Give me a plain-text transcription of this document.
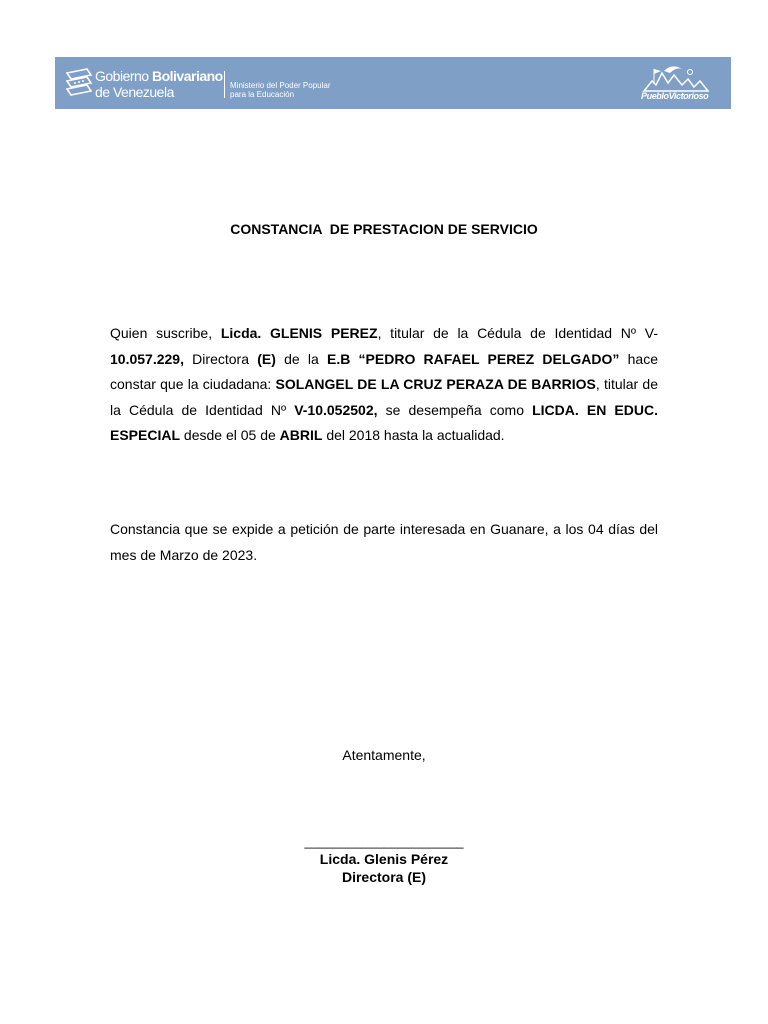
Gobierno Bolivariano
de Venezuela	Ministerio del Poder Popular
para la Educación	PuebloVictorioso
CONSTANCIA  DE PRESTACION DE SERVICIO
Quien suscribe, Licda. GLENIS PEREZ, titular de la Cédula de Identidad Nº V-10.057.229, Directora (E) de la E.B “PEDRO RAFAEL PEREZ DELGADO” hace constar que la ciudadana: SOLANGEL DE LA CRUZ PERAZA DE BARRIOS, titular de la Cédula de Identidad Nº V-10.052502, se desempeña como LICDA. EN EDUC. ESPECIAL desde el 05 de ABRIL del 2018 hasta la actualidad.
Constancia que se expide a petición de parte interesada en Guanare, a los 04 días del mes de Marzo de 2023.
Atentamente,
______________________
Licda. Glenis Pérez
Directora (E)
